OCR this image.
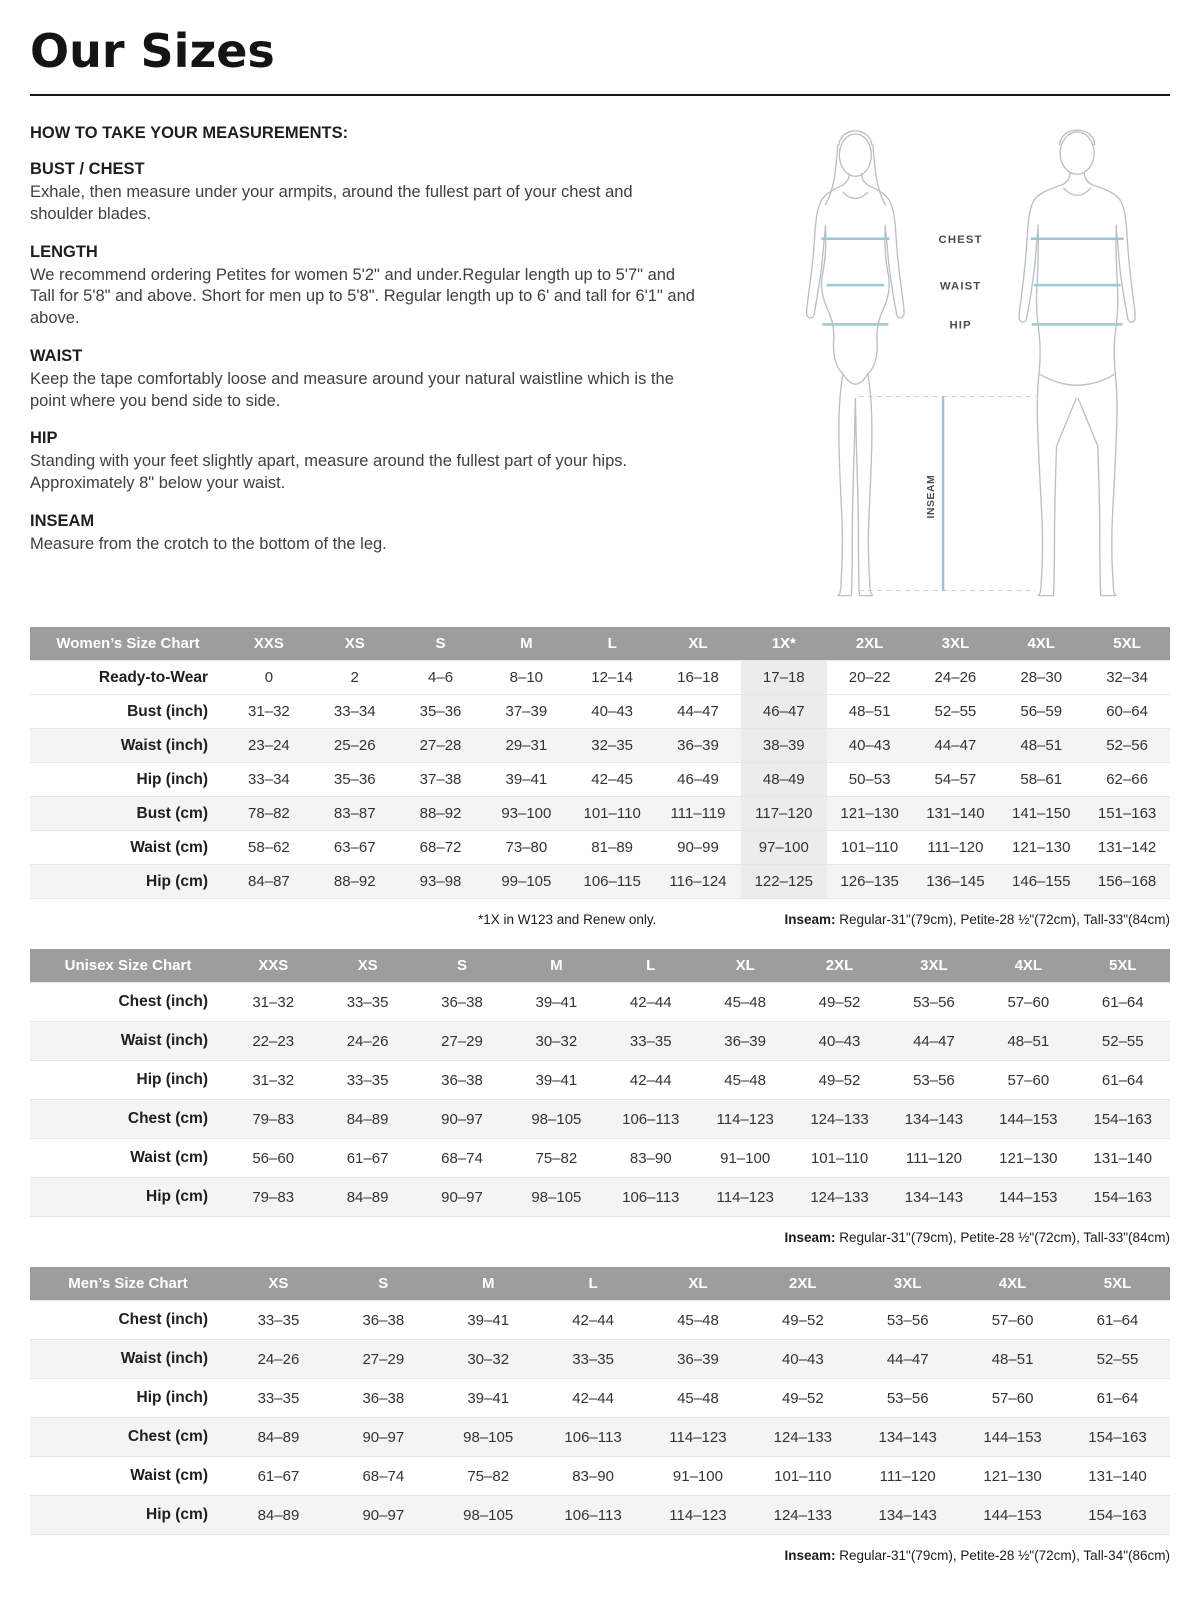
Our Sizes

HOW TO TAKE YOUR MEASUREMENTS:

BUST / CHEST

Exhale, then measure under your armpits, around the fullest part of your chest and shoulder blades.

LENGTH

We recommend ordering Petites for women 5'2" and under.Regular length up to 5'7" and Tall for 5'8" and above. Short for men up to 5'8". Regular length up to 6' and tall for 6'1" and above.

WAIST

Keep the tape comfortably loose and measure around your natural waistline which is the point where you bend side to side.

HIP

Standing with your feet slightly apart, measure around the fullest part of your hips. Approximately 8" below your waist.

INSEAM

Measure from the crotch to the bottom of the leg.

CHEST
WAIST
HIP
INSEAM
Women’s Size Chart	XXS	XS	S	M	L	XL	1X*	2XL	3XL	4XL	5XL
Ready-to-Wear	0	2	4–6	8–10	12–14	16–18	17–18	20–22	24–26	28–30	32–34
Bust (inch)	31–32	33–34	35–36	37–39	40–43	44–47	46–47	48–51	52–55	56–59	60–64
Waist (inch)	23–24	25–26	27–28	29–31	32–35	36–39	38–39	40–43	44–47	48–51	52–56
Hip (inch)	33–34	35–36	37–38	39–41	42–45	46–49	48–49	50–53	54–57	58–61	62–66
Bust (cm)	78–82	83–87	88–92	93–100	101–110	111–119	117–120	121–130	131–140	141–150	151–163
Waist (cm)	58–62	63–67	68–72	73–80	81–89	90–99	97–100	101–110	111–120	121–130	131–142
Hip (cm)	84–87	88–92	93–98	99–105	106–115	116–124	122–125	126–135	136–145	146–155	156–168
*1X in W123 and Renew only.	Inseam: Regular-31"(79cm), Petite-28 ½"(72cm), Tall-33"(84cm)
Unisex Size Chart	XXS	XS	S	M	L	XL	2XL	3XL	4XL	5XL
Chest (inch)	31–32	33–35	36–38	39–41	42–44	45–48	49–52	53–56	57–60	61–64
Waist (inch)	22–23	24–26	27–29	30–32	33–35	36–39	40–43	44–47	48–51	52–55
Hip (inch)	31–32	33–35	36–38	39–41	42–44	45–48	49–52	53–56	57–60	61–64
Chest (cm)	79–83	84–89	90–97	98–105	106–113	114–123	124–133	134–143	144–153	154–163
Waist (cm)	56–60	61–67	68–74	75–82	83–90	91–100	101–110	111–120	121–130	131–140
Hip (cm)	79–83	84–89	90–97	98–105	106–113	114–123	124–133	134–143	144–153	154–163
Inseam: Regular-31"(79cm), Petite-28 ½"(72cm), Tall-33"(84cm)
Men’s Size Chart	XS	S	M	L	XL	2XL	3XL	4XL	5XL
Chest (inch)	33–35	36–38	39–41	42–44	45–48	49–52	53–56	57–60	61–64
Waist (inch)	24–26	27–29	30–32	33–35	36–39	40–43	44–47	48–51	52–55
Hip (inch)	33–35	36–38	39–41	42–44	45–48	49–52	53–56	57–60	61–64
Chest (cm)	84–89	90–97	98–105	106–113	114–123	124–133	134–143	144–153	154–163
Waist (cm)	61–67	68–74	75–82	83–90	91–100	101–110	111–120	121–130	131–140
Hip (cm)	84–89	90–97	98–105	106–113	114–123	124–133	134–143	144–153	154–163
Inseam: Regular-31"(79cm), Petite-28 ½"(72cm), Tall-34"(86cm)
